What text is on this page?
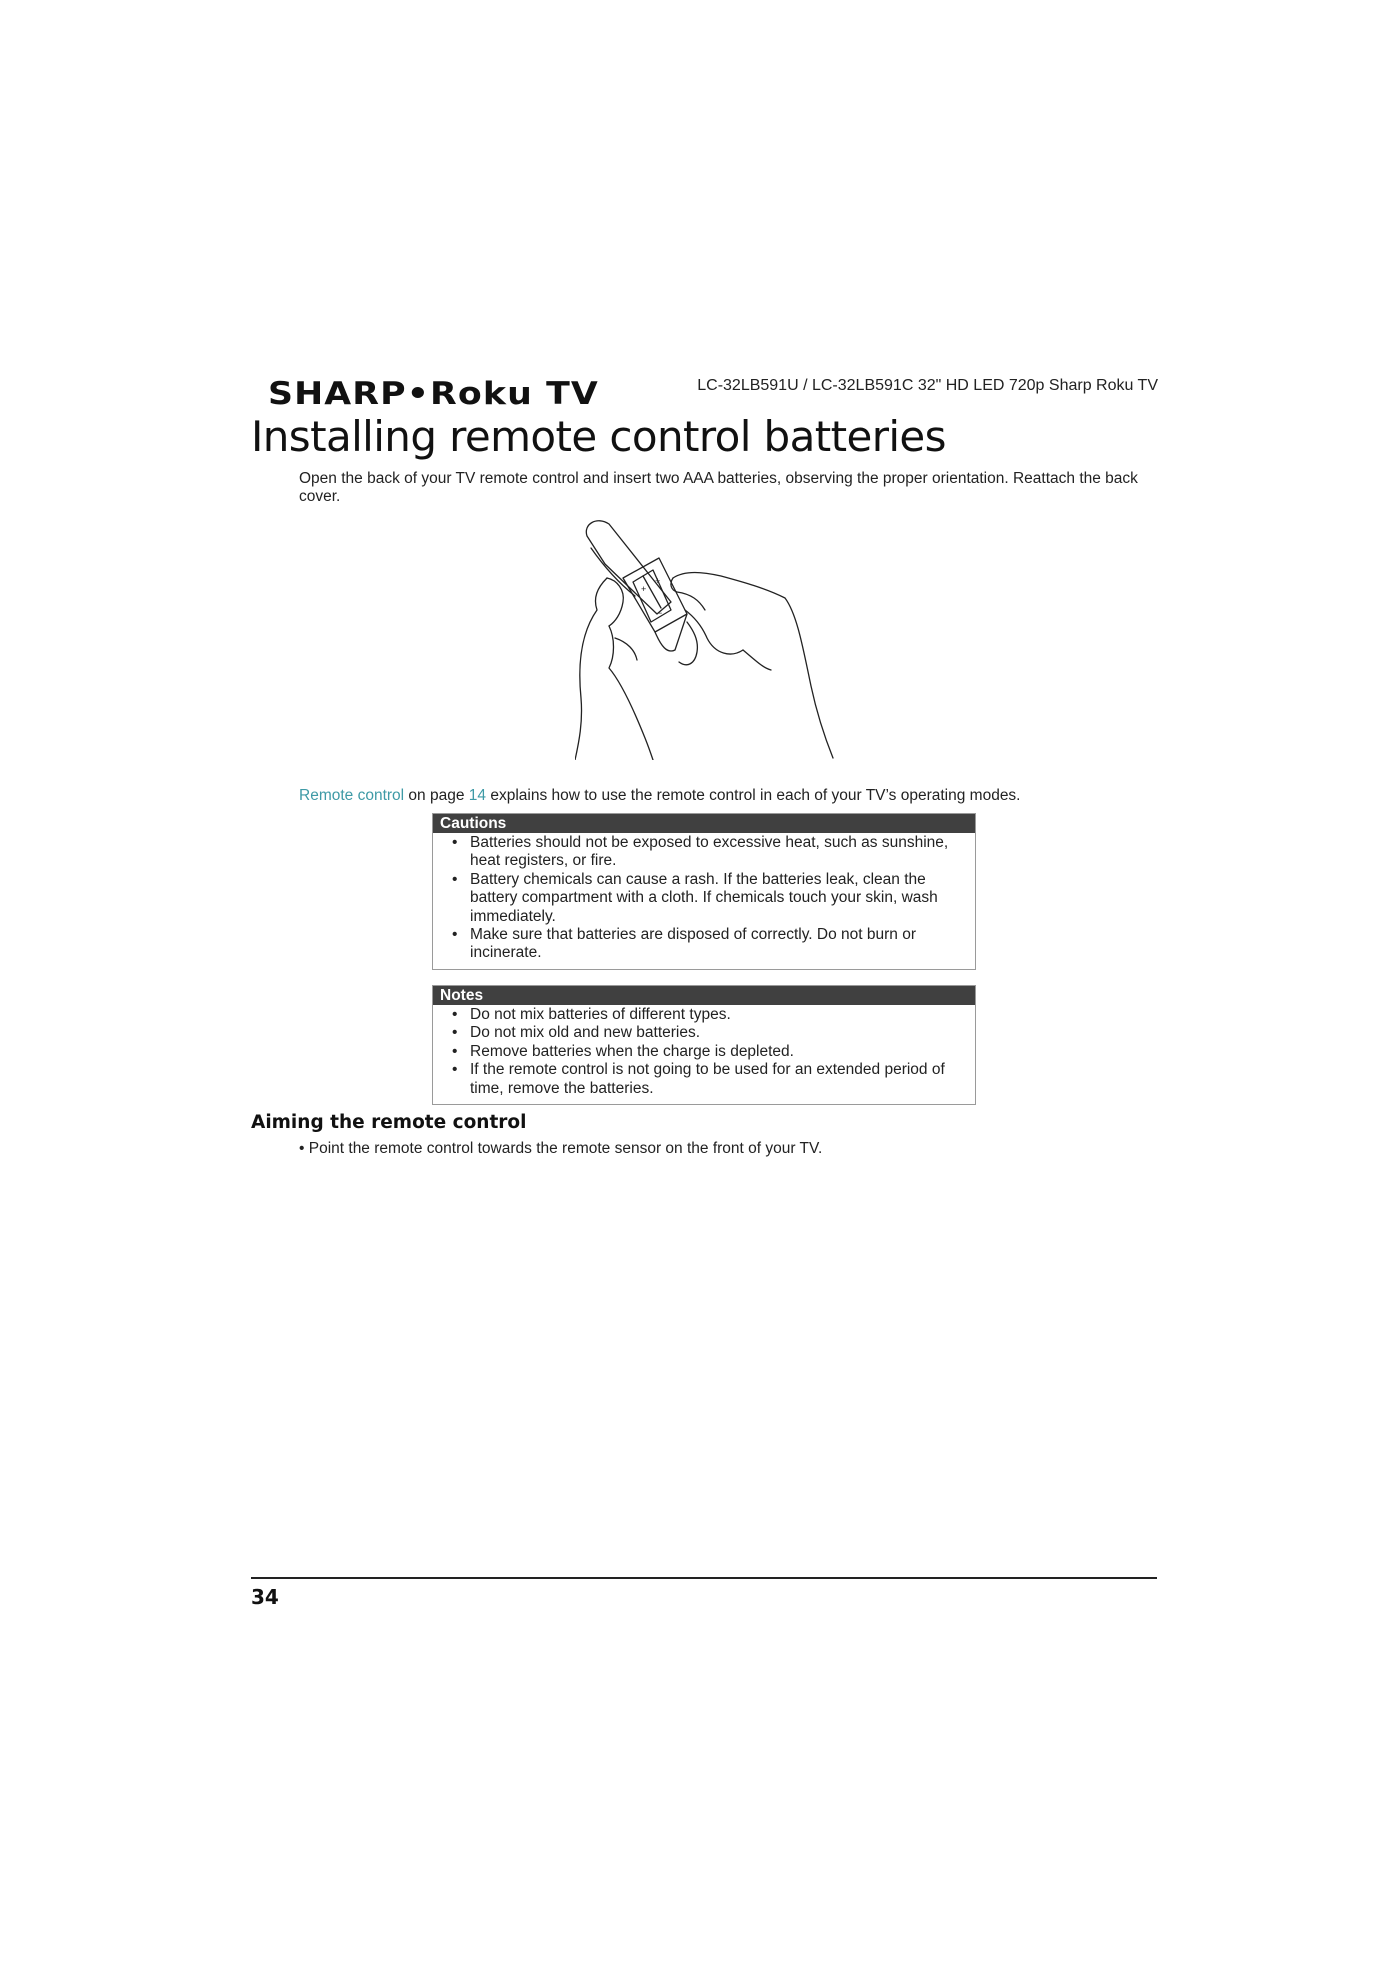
SHARP•Roku TV	LC-32LB591U / LC-32LB591C 32" HD LED 720p Sharp Roku TV
Installing remote control batteries

Open the back of your TV remote control and insert two AAA batteries, observing the proper orientation. Reattach the back cover.

+
+
−
Remote control on page 14 explains how to use the remote control in each of your TV’s operating modes.
Cautions
• Batteries should not be exposed to excessive heat, such as sunshine, heat registers, or fire.
• Battery chemicals can cause a rash. If the batteries leak, clean the battery compartment with a cloth. If chemicals touch your skin, wash immediately.
• Make sure that batteries are disposed of correctly. Do not burn or incinerate.
Notes
• Do not mix batteries of different types.
• Do not mix old and new batteries.
• Remove batteries when the charge is depleted.
• If the remote control is not going to be used for an extended period of time, remove the batteries.
Aiming the remote control
• Point the remote control towards the remote sensor on the front of your TV.
34
